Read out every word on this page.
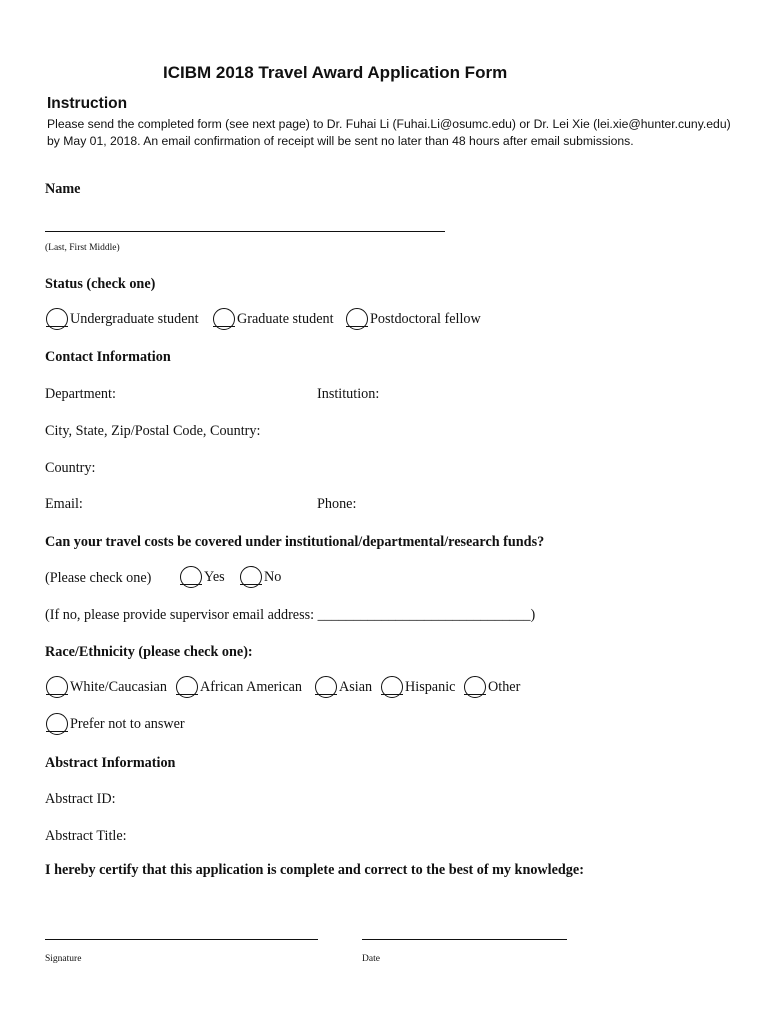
ICIBM 2018 Travel Award Application Form
Instruction
Please send the completed form (see next page) to Dr. Fuhai Li (Fuhai.Li@osumc.edu) or Dr. Lei Xie (lei.xie@hunter.cuny.edu) by May 01, 2018. An email confirmation of receipt will be sent no later than 48 hours after email submissions.
Name
(Last, First Middle)
Status (check one)
Undergraduate student	Graduate student	Postdoctoral fellow
Contact Information
Department:	Institution:
City, State, Zip/Postal Code, Country:
Country:
Email:	Phone:
Can your travel costs be covered under institutional/departmental/research funds?
(Please check one)	Yes	No
(If no, please provide supervisor email address: ______________________________)
Race/Ethnicity (please check one):
White/Caucasian African American	Asian Hispanic Other
Prefer not to answer
Abstract Information
Abstract ID:
Abstract Title:
I hereby certify that this application is complete and correct to the best of my knowledge:
Signature	Date
